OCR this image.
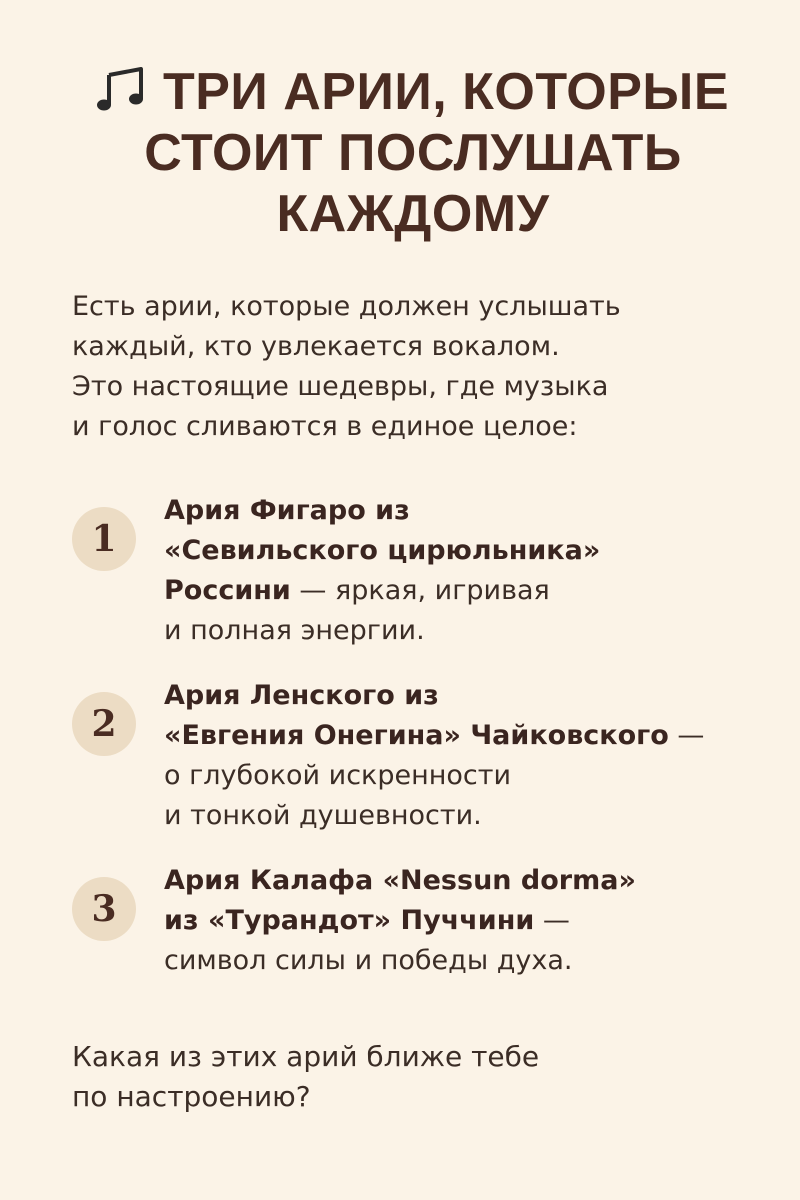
ТРИ АРИИ, КОТОРЫЕ
СТОИТ ПОСЛУШАТЬ
КАЖДОМУ
Есть арии, которые должен услышать
каждый, кто увлекается вокалом.
Это настоящие шедевры, где музыка
и голос сливаются в единое целое:
1
Ария Фигаро из
«Севильского цирюльника»
Россини — яркая, игривая
и полная энергии.
2
Ария Ленского из
«Евгения Онегина» Чайковского —
о глубокой искренности
и тонкой душевности.
3
Ария Калафа «Nessun dorma»
из «Турандот» Пуччини —
символ силы и победы духа.
Какая из этих арий ближе тебе
по настроению?
